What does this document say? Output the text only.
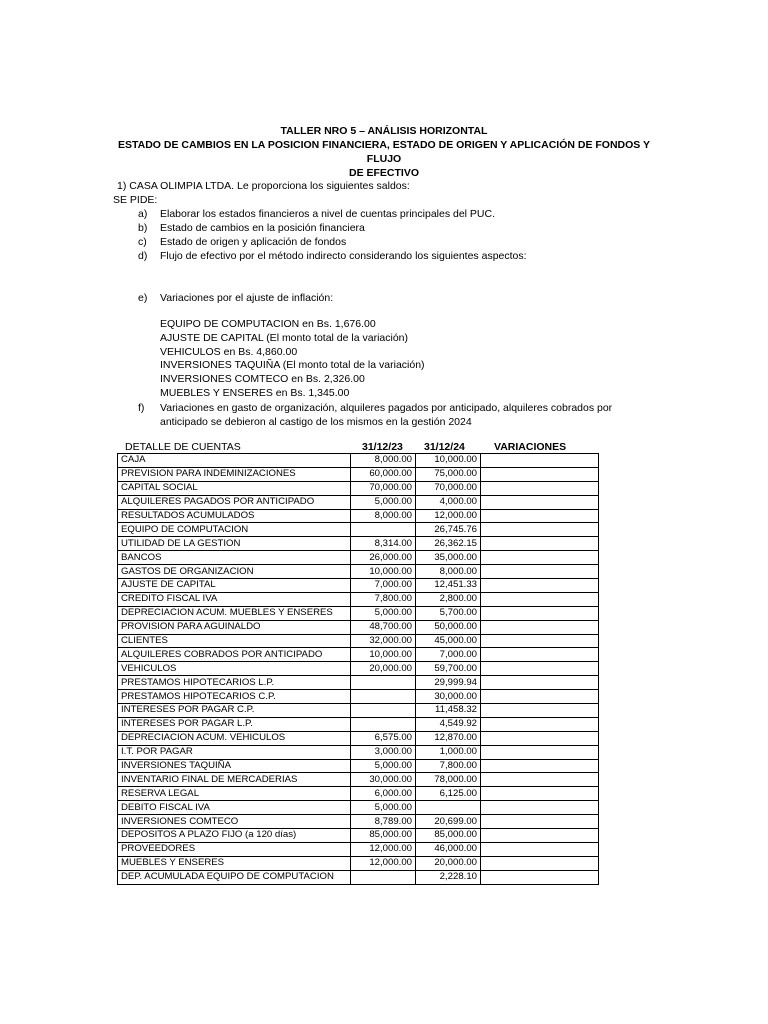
TALLER NRO 5 – ANÁLISIS HORIZONTAL
ESTADO DE CAMBIOS EN LA POSICION FINANCIERA, ESTADO DE ORIGEN Y APLICACIÓN DE FONDOS Y FLUJO
DE EFECTIVO
1) CASA OLIMPIA LTDA. Le proporciona los siguientes saldos:
SE PIDE:
a) Elaborar los estados financieros a nivel de cuentas principales del PUC.
b) Estado de cambios en la posición financiera
c) Estado de origen y aplicación de fondos
d) Flujo de efectivo por el método indirecto considerando los siguientes aspectos:
e) Variaciones por el ajuste de inflación:
EQUIPO DE COMPUTACION en Bs. 1,676.00
AJUSTE DE CAPITAL (El monto total de la variación)
VEHICULOS en Bs. 4,860.00
INVERSIONES TAQUIÑA (El monto total de la variación)
INVERSIONES COMTECO en Bs. 2,326.00
MUEBLES Y ENSERES en Bs. 1,345.00
f) Variaciones en gasto de organización, alquileres pagados por anticipado, alquileres cobrados por anticipado se debieron al castigo de los mismos en la gestión 2024
DETALLE DE CUENTAS	31/12/23 31/12/24	VARIACIONES
CAJA	8,000.00	10,000.00	
PREVISION PARA INDEMINIZACIONES	60,000.00	75,000.00	
CAPITAL SOCIAL	70,000.00	70,000.00	
ALQUILERES PAGADOS POR ANTICIPADO	5,000.00	4,000.00	
RESULTADOS ACUMULADOS	8,000.00	12,000.00	
EQUIPO DE COMPUTACION		26,745.76	
UTILIDAD DE LA GESTION	8,314.00	26,362.15	
BANCOS	26,000.00	35,000.00	
GASTOS DE ORGANIZACION	10,000.00	8,000.00	
AJUSTE DE CAPITAL	7,000.00	12,451.33	
CREDITO FISCAL IVA	7,800.00	2,800.00	
DEPRECIACION ACUM. MUEBLES Y ENSERES	5,000.00	5,700.00	
PROVISION PARA AGUINALDO	48,700.00	50,000.00	
CLIENTES	32,000.00	45,000.00	
ALQUILERES COBRADOS POR ANTICIPADO	10,000.00	7,000.00	
VEHICULOS	20,000.00	59,700.00	
PRESTAMOS HIPOTECARIOS L.P.		29,999.94	
PRESTAMOS HIPOTECARIOS C.P.		30,000.00	
INTERESES POR PAGAR C.P.		11,458.32	
INTERESES POR PAGAR L.P.		4,549.92	
DEPRECIACION ACUM. VEHICULOS	6,575.00	12,870.00	
I.T. POR PAGAR	3,000.00	1,000.00	
INVERSIONES TAQUIÑA	5,000.00	7,800.00	
INVENTARIO FINAL DE MERCADERIAS	30,000.00	78,000.00	
RESERVA LEGAL	6,000.00	6,125.00	
DEBITO FISCAL IVA	5,000.00		
INVERSIONES COMTECO	8,789.00	20,699.00	
DEPOSITOS A PLAZO FIJO (a 120 días)	85,000.00	85,000.00	
PROVEEDORES	12,000.00	46,000.00	
MUEBLES Y ENSERES	12,000.00	20,000.00	
DEP. ACUMULADA EQUIPO DE COMPUTACION		2,228.10	
